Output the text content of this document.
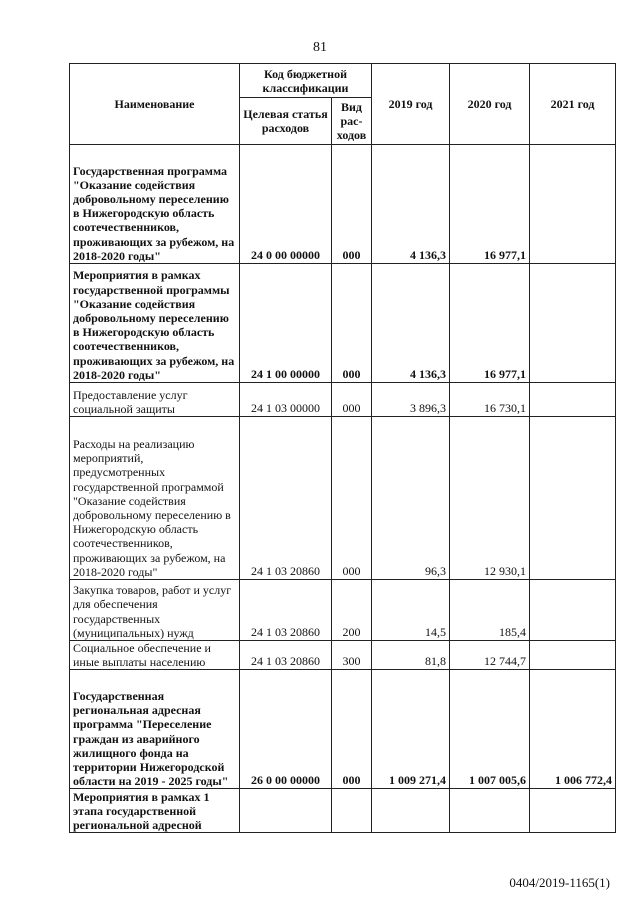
81
Наименование	Код бюджетной классификации		2019 год	2020 год	2021 год
	Целевая статья расходов	Вид рас- ходов			
Государственная программа "Оказание содействия добровольному переселению в Нижегородскую область соотечественников, проживающих за рубежом, на 2018-2020 годы"	24 0 00 00000	000	4 136,3	16 977,1	
Мероприятия в рамках государственной программы "Оказание содействия добровольному переселению в Нижегородскую область соотечественников, проживающих за рубежом, на 2018-2020 годы"	24 1 00 00000	000	4 136,3	16 977,1	
Предоставление услуг социальной защиты	24 1 03 00000	000	3 896,3	16 730,1	
Расходы на реализацию мероприятий, предусмотренных государственной программой "Оказание содействия добровольному переселению в Нижегородскую область соотечественников, проживающих за рубежом, на 2018-2020 годы"	24 1 03 20860	000	96,3	12 930,1	
Закупка товаров, работ и услуг для обеспечения государственных (муниципальных) нужд	24 1 03 20860	200	14,5	185,4	
Социальное обеспечение и иные выплаты населению	24 1 03 20860	300	81,8	12 744,7	
Государственная региональная адресная программа "Переселение граждан из аварийного жилищного фонда на территории Нижегородской области на 2019 - 2025 годы"	26 0 00 00000	000	1 009 271,4	1 007 005,6	1 006 772,4
Мероприятия в рамках 1 этапа государственной региональной адресной					
0404/2019-1165(1)
